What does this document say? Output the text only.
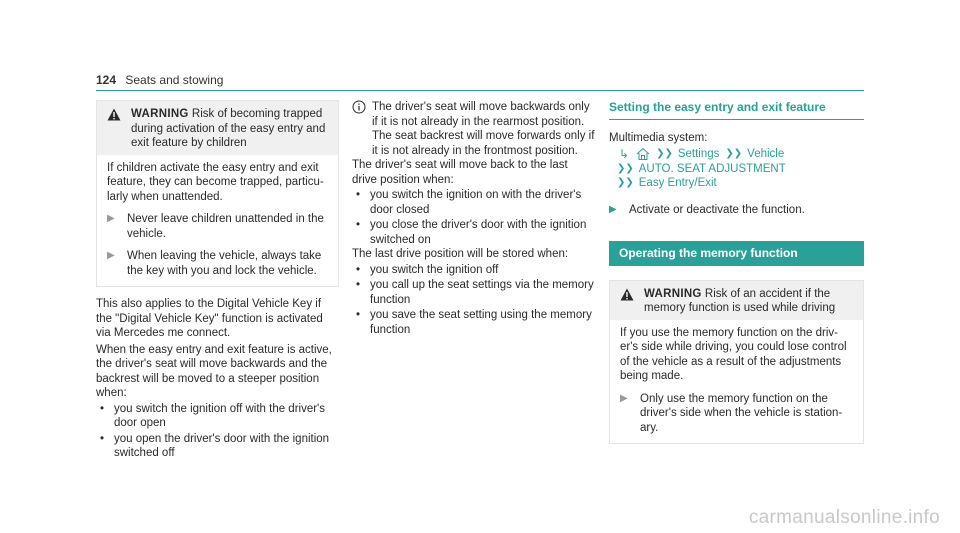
124 Seats and stowing
WARNING Risk of becoming trapped during activation of the easy entry and exit feature by children

If children activate the easy entry and exit feature, they can become trapped, particu- larly when unattended.

▶	Never leave children unattended in the vehicle.
▶	When leaving the vehicle, always take the key with you and lock the vehicle.

This also applies to the Digital Vehicle Key if the "Digital Vehicle Key" function is activated via Mercedes me connect.

When the easy entry and exit feature is active, the driver's seat will move backwards and the backrest will be moved to a steeper position when:

• you switch the ignition off with the driver's door open
• you open the driver's door with the ignition switched off

The driver's seat will move backwards only if it is not already in the rearmost position. The seat backrest will move forwards only if it is not already in the frontmost position.

The driver's seat will move back to the last drive position when:

• you switch the ignition on with the driver's door closed
• you close the driver's door with the ignition switched on

The last drive position will be stored when:

• you switch the ignition off
• you call up the seat settings via the memory function
• you save the seat setting using the memory function
Setting the easy entry and exit feature

Multimedia system:

↳	❯❯ Settings ❯❯ Vehicle
❯❯ AUTO. SEAT ADJUSTMENT
❯❯ Easy Entry/Exit
▶	Activate or deactivate the function.
Operating the memory function
WARNING Risk of an accident if the memory function is used while driving

If you use the memory function on the driv- er's side while driving, you could lose control of the vehicle as a result of the adjustments being made.

▶	Only use the memory function on the driver's side when the vehicle is station- ary.
carmanualsonline.info
